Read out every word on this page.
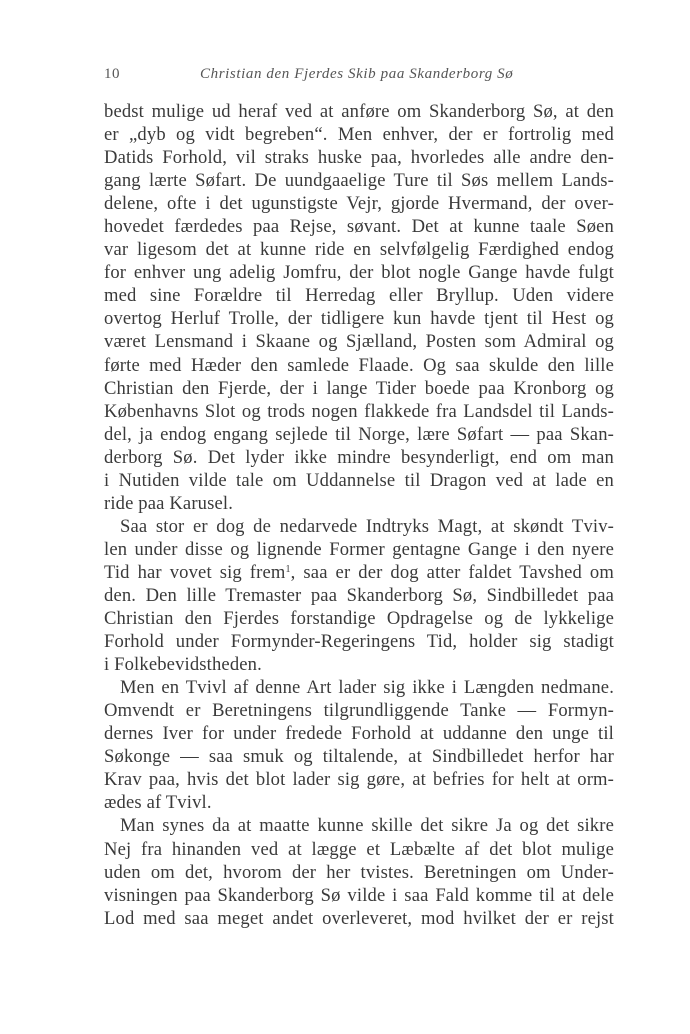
10	Christian den Fjerdes Skib paa Skanderborg Sø
bedst mulige ud heraf ved at anføre om Skanderborg Sø, at den
er „dyb og vidt begreben“. Men enhver, der er fortrolig med
Datids Forhold, vil straks huske paa, hvorledes alle andre den-
gang lærte Søfart. De uundgaaelige Ture til Søs mellem Lands-
delene, ofte i det ugunstigste Vejr, gjorde Hvermand, der over-
hovedet færdedes paa Rejse, søvant. Det at kunne taale Søen
var ligesom det at kunne ride en selvfølgelig Færdighed endog
for enhver ung adelig Jomfru, der blot nogle Gange havde fulgt
med sine Forældre til Herredag eller Bryllup. Uden videre
overtog Herluf Trolle, der tidligere kun havde tjent til Hest og
været Lensmand i Skaane og Sjælland, Posten som Admiral og
førte med Hæder den samlede Flaade. Og saa skulde den lille
Christian den Fjerde, der i lange Tider boede paa Kronborg og
Københavns Slot og trods nogen flakkede fra Landsdel til Lands-
del, ja endog engang sejlede til Norge, lære Søfart — paa Skan-
derborg Sø. Det lyder ikke mindre besynderligt, end om man
i Nutiden vilde tale om Uddannelse til Dragon ved at lade en
ride paa Karusel.
Saa stor er dog de nedarvede Indtryks Magt, at skøndt Tviv-
len under disse og lignende Former gentagne Gange i den nyere
Tid har vovet sig frem$^1$, saa er der dog atter faldet Tavshed om
den. Den lille Tremaster paa Skanderborg Sø, Sindbilledet paa
Christian den Fjerdes forstandige Opdragelse og de lykkelige
Forhold under Formynder-Regeringens Tid, holder sig stadigt
i Folkebevidstheden.
Men en Tvivl af denne Art lader sig ikke i Længden nedmane.
Omvendt er Beretningens tilgrundliggende Tanke — Formyn-
dernes Iver for under fredede Forhold at uddanne den unge til
Søkonge — saa smuk og tiltalende, at Sindbilledet herfor har
Krav paa, hvis det blot lader sig gøre, at befries for helt at orm-
ædes af Tvivl.
Man synes da at maatte kunne skille det sikre Ja og det sikre
Nej fra hinanden ved at lægge et Læbælte af det blot mulige
uden om det, hvorom der her tvistes. Beretningen om Under-
visningen paa Skanderborg Sø vilde i saa Fald komme til at dele
Lod med saa meget andet overleveret, mod hvilket der er rejst
